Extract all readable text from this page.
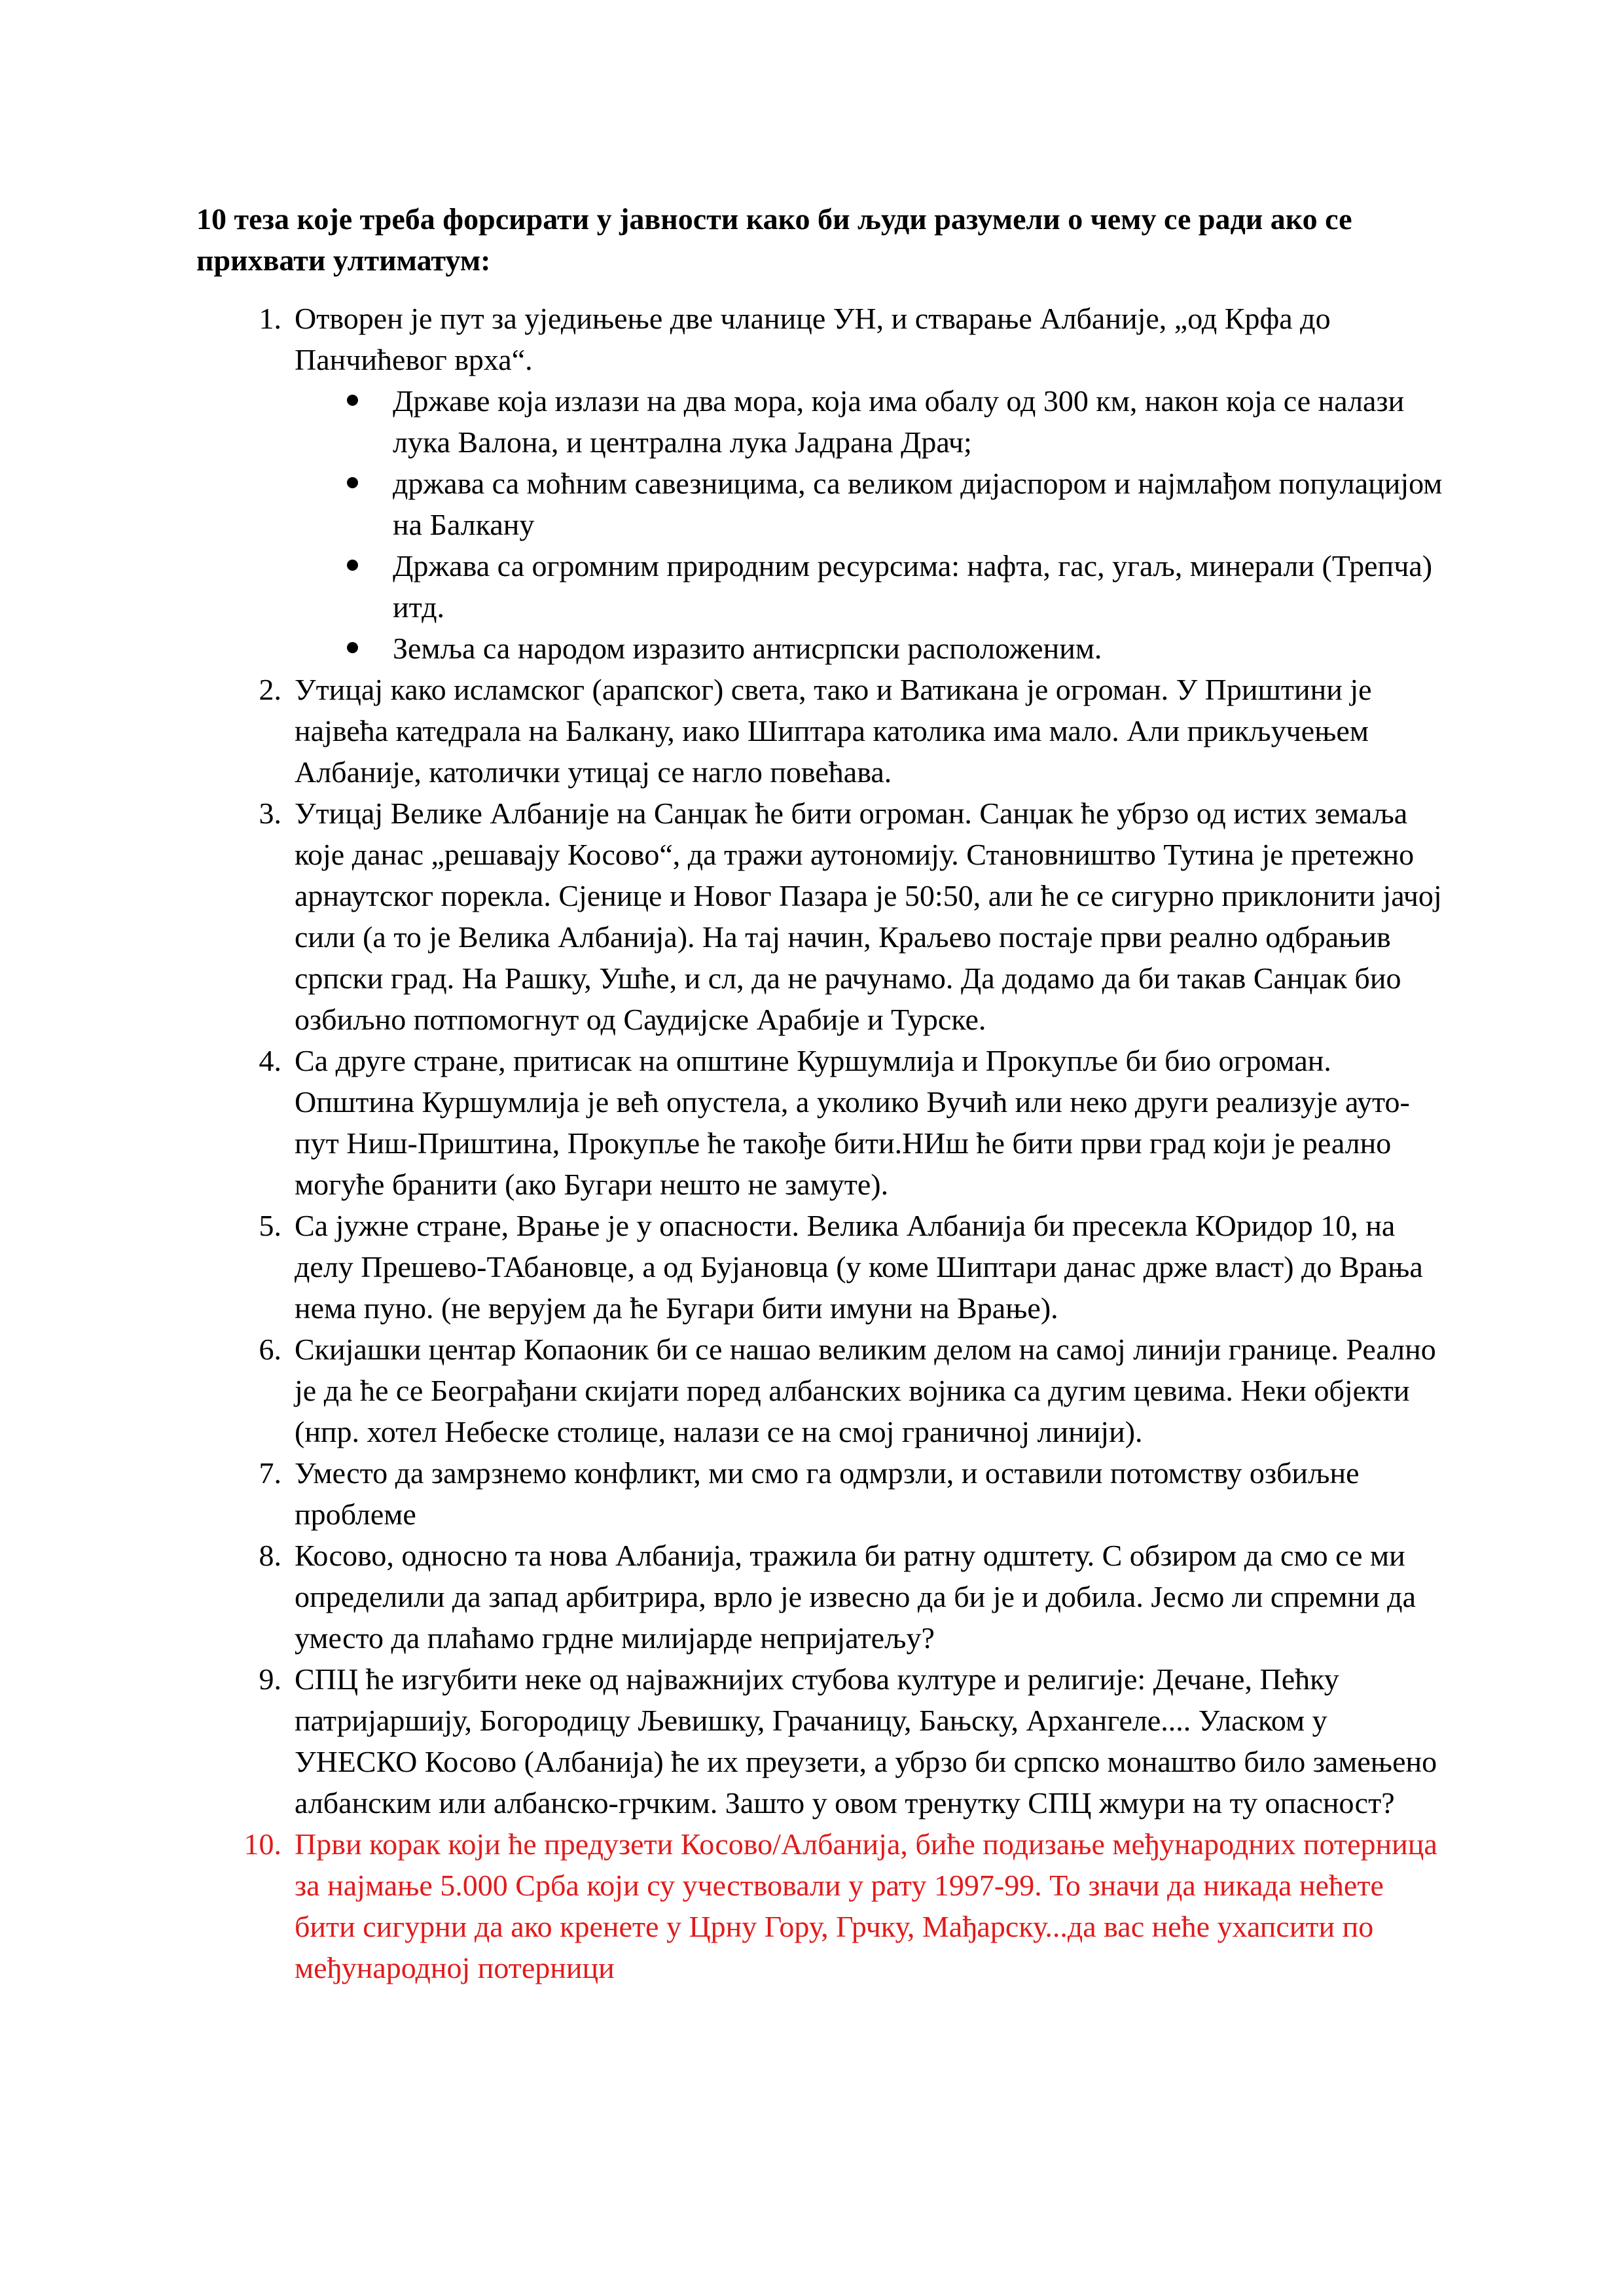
10 теза које треба форсирати у јавности како би људи разумели о чему се ради ако се прихвати ултиматум:

1. Отворен је пут за уједињење две чланице УН, и стварање Албаније, „од Крфа до Панчићевог врха“.
Државе која излази на два мора, која има обалу од 300 км, након која се налази лука Валона, и централна лука Јадрана Драч;
држава са моћним савезницима, са великом дијаспором и најмлађом популацијом на Балкану
Држава са огромним природним ресурсима: нафта, гас, угаљ, минерали (Трепча) итд.
Земља са народом изразито антисрпски расположеним.
2. Утицај како исламског (арапског) света, тако и Ватикана је огроман. У Приштини је највећа катедрала на Балкану, иако Шиптара католика има мало. Али прикључењем Албаније, католички утицај се нагло повећава.
3. Утицај Велике Албаније на Санџак ће бити огроман. Санџак ће убрзо од истих земаља које данас „решавају Косово“, да тражи аутономију. Становништво Тутина је претежно арнаутског порекла. Сјенице и Новог Пазара је 50:50, али ће се сигурно приклонити јачој сили (а то је Велика Албанија). На тај начин, Краљево постаје први реално одбрањив српски град. На Рашку, Ушће, и сл, да не рачунамо. Да додамо да би такав Санџак био озбиљно потпомогнут од Саудијске Арабије и Турске.
4. Са друге стране, притисак на општине Куршумлија и Прокупље би био огроман. Општина Куршумлија је већ опустела, а уколико Вучић или неко други реализује ауто-пут Ниш-Приштина, Прокупље ће такође бити.НИш ће бити први град који је реално могуће бранити (ако Бугари нешто не замуте).
5. Са јужне стране, Врање је у опасности. Велика Албанија би пресекла КОридор 10, на делу Прешево-ТАбановце, а од Бујановца (у коме Шиптари данас држе власт) до Врања нема пуно. (не верујем да ће Бугари бити имуни на Врање).
6. Скијашки центар Копаоник би се нашао великим делом на самој линији границе. Реално је да ће се Београђани скијати поред албанских војника са дугим цевима. Неки објекти (нпр. хотел Небеске столице, налази се на смој граничној линији).
7. Уместо да замрзнемо конфликт, ми смо га одмрзли, и оставили потомству озбиљне проблеме
8. Косово, односно та нова Албанија, тражила би ратну одштету. С обзиром да смо се ми определили да запад арбитрира, врло је извесно да би је и добила. Јесмо ли спремни да уместо да плаћамо грдне милијарде непријатељу?
9. СПЦ ће изгубити неке од најважнијих стубова културе и религије: Дечане, Пећку патријаршију, Богородицу Љевишку, Грачаницу, Бањску, Архангеле.... Уласком у УНЕСКО Косово (Албанија) ће их преузети, а убрзо би српско монаштво било замењено албанским или албанско-грчким. Зашто у овом тренутку СПЦ жмури на ту опасност?
10. Први корак који ће предузети Косово/Албанија, биће подизање међународних потерница за најмање 5.000 Срба који су учествовали у рату 1997-99. То значи да никада нећете бити сигурни да ако кренете у Црну Гору, Грчку, Мађарску...да вас неће ухапсити по међународној потерници
